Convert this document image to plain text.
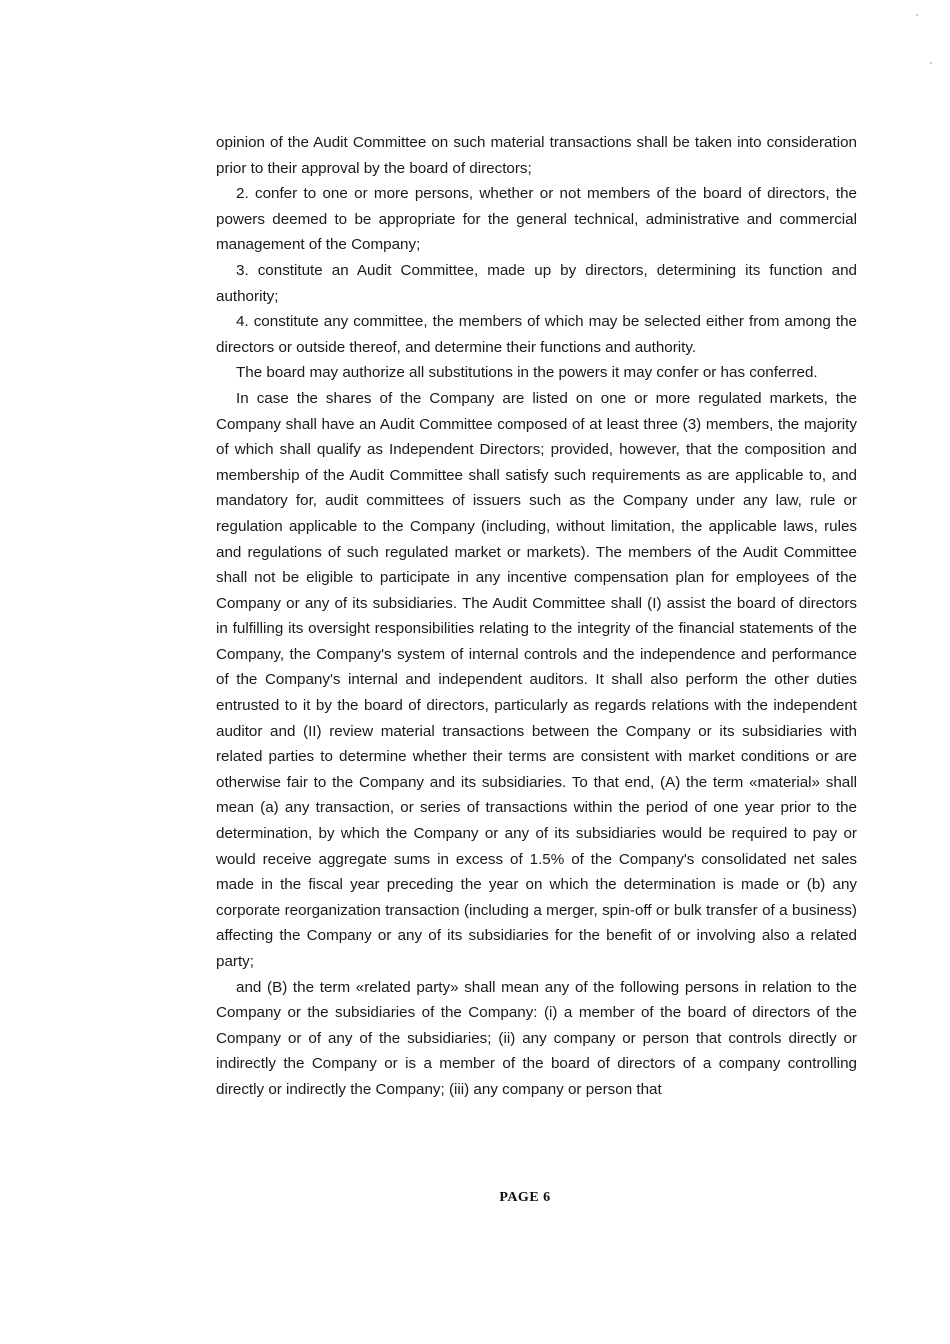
opinion of the Audit Committee on such material transactions shall be taken into consideration prior to their approval by the board of directors;

2. confer to one or more persons, whether or not members of the board of directors, the powers deemed to be appropriate for the general technical, administrative and commercial management of the Company;

3. constitute an Audit Committee, made up by directors, determining its function and authority;

4. constitute any committee, the members of which may be selected either from among the directors or outside thereof, and determine their functions and authority.

The board may authorize all substitutions in the powers it may confer or has conferred.

In case the shares of the Company are listed on one or more regulated markets, the Company shall have an Audit Committee composed of at least three (3) members, the majority of which shall qualify as Independent Directors; provided, however, that the composition and membership of the Audit Committee shall satisfy such requirements as are applicable to, and mandatory for, audit committees of issuers such as the Company under any law, rule or regulation applicable to the Company (including, without limitation, the applicable laws, rules and regulations of such regulated market or markets). The members of the Audit Committee shall not be eligible to participate in any incentive compensation plan for employees of the Company or any of its subsidiaries. The Audit Committee shall (I) assist the board of directors in fulfilling its oversight responsibilities relating to the integrity of the financial statements of the Company, the Company's system of internal controls and the independence and performance of the Company's internal and independent auditors. It shall also perform the other duties entrusted to it by the board of directors, particularly as regards relations with the independent auditor and (II) review material transactions between the Company or its subsidiaries with related parties to determine whether their terms are consistent with market conditions or are otherwise fair to the Company and its subsidiaries. To that end, (A) the term «material» shall mean (a) any transaction, or series of transactions within the period of one year prior to the determination, by which the Company or any of its subsidiaries would be required to pay or would receive aggregate sums in excess of 1.5% of the Company's consolidated net sales made in the fiscal year preceding the year on which the determination is made or (b) any corporate reorganization transaction (including a merger, spin-off or bulk transfer of a business) affecting the Company or any of its subsidiaries for the benefit of or involving also a related party;

and (B) the term «related party» shall mean any of the following persons in relation to the Company or the subsidiaries of the Company: (i) a member of the board of directors of the Company or of any of the subsidiaries; (ii) any company or person that controls directly or indirectly the Company or is a member of the board of directors of a company controlling directly or indirectly the Company; (iii) any company or person that

PAGE 6
